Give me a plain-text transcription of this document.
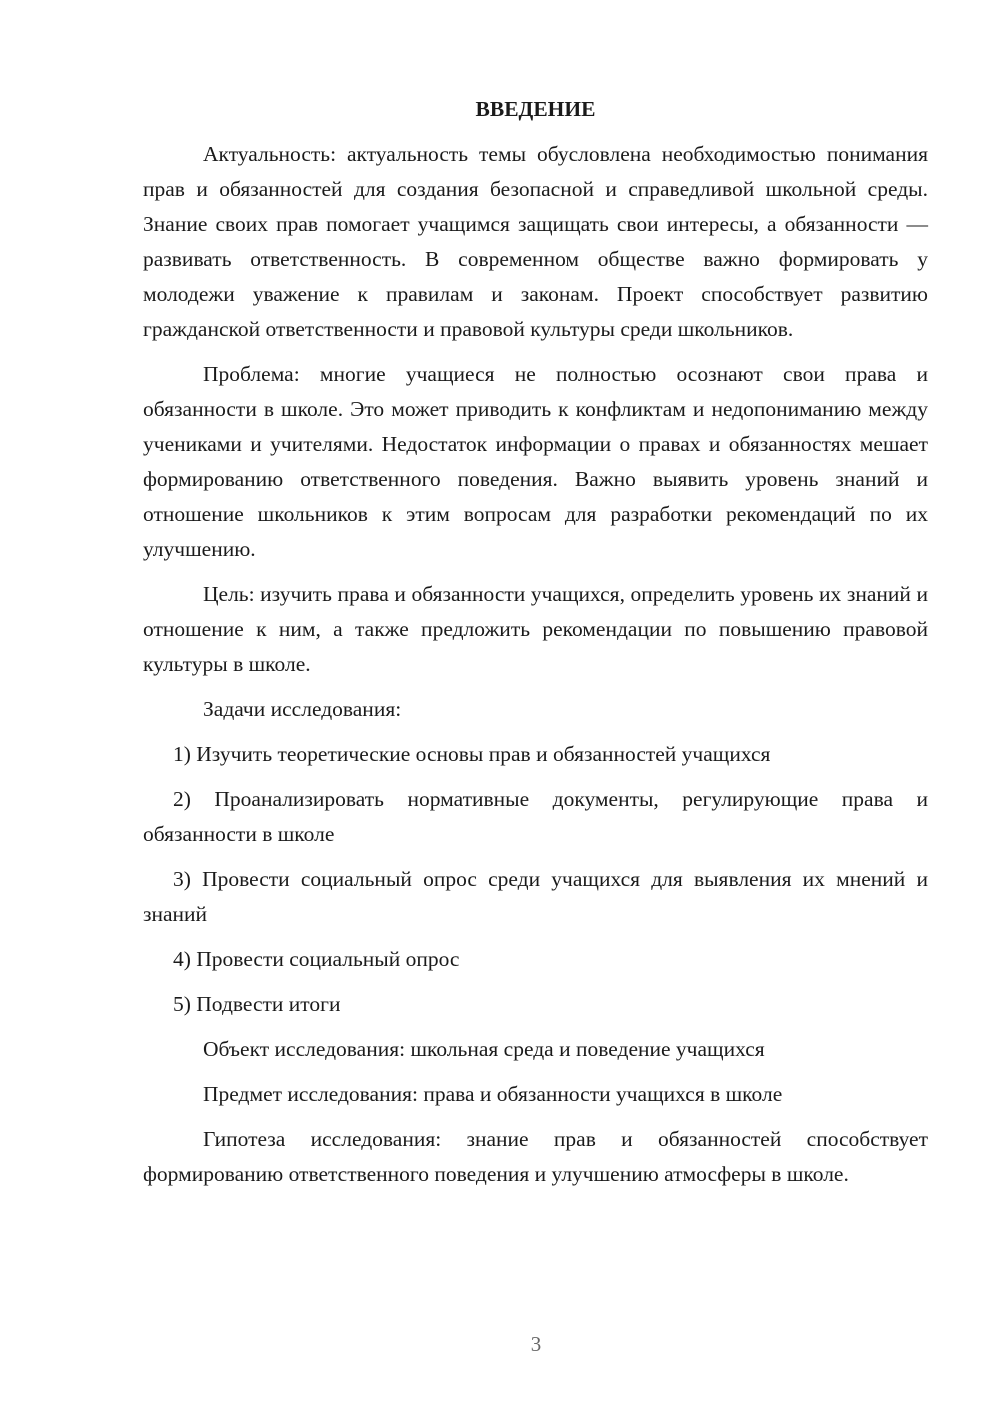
ВВЕДЕНИЕ
Актуальность: актуальность темы обусловлена необходимостью понимания прав и обязанностей для создания безопасной и справедливой школьной среды. Знание своих прав помогает учащимся защищать свои интересы, а обязанности — развивать ответственность. В современном обществе важно формировать у молодежи уважение к правилам и законам. Проект способствует развитию гражданской ответственности и правовой культуры среди школьников.
Проблема: многие учащиеся не полностью осознают свои права и обязанности в школе. Это может приводить к конфликтам и недопониманию между учениками и учителями. Недостаток информации о правах и обязанностях мешает формированию ответственного поведения. Важно выявить уровень знаний и отношение школьников к этим вопросам для разработки рекомендаций по их улучшению.
Цель: изучить права и обязанности учащихся, определить уровень их знаний и отношение к ним, а также предложить рекомендации по повышению правовой культуры в школе.
Задачи исследования:
1) Изучить теоретические основы прав и обязанностей учащихся
2) Проанализировать нормативные документы, регулирующие права и обязанности в школе
3) Провести социальный опрос среди учащихся для выявления их мнений и знаний
4) Провести социальный опрос
5) Подвести итоги
Объект исследования: школьная среда и поведение учащихся
Предмет исследования: права и обязанности учащихся в школе
Гипотеза исследования: знание прав и обязанностей способствует формированию ответственного поведения и улучшению атмосферы в школе.
3
